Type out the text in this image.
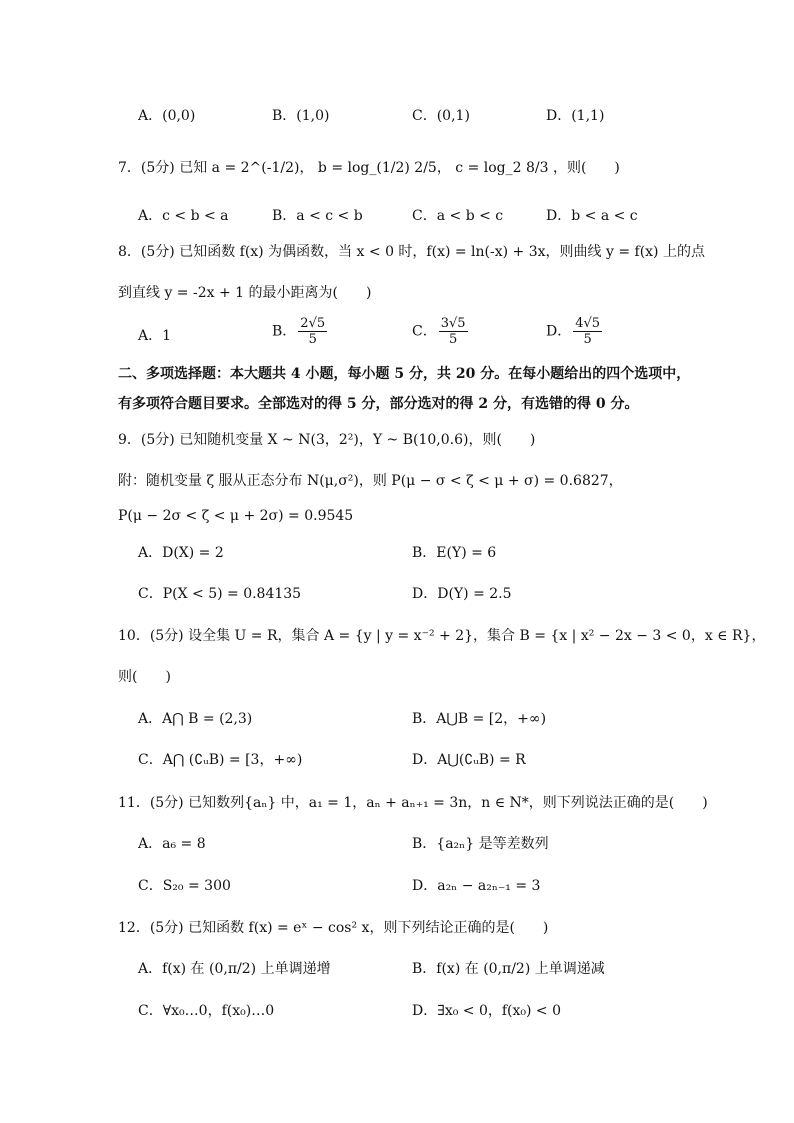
A．(0,0)	B．(1,0)	C．(0,1)	D．(1,1)
7．(5分) 已知 a = 2^(-1/2)， b = log_(1/2) 2/5， c = log_2 8/3 ，则(　　)
A．c < b < a	B．a < c < b	C．a < b < c	D．b < a < c
8．(5分) 已知函数 f(x) 为偶函数，当 x < 0 时，f(x) = ln(-x) + 3x，则曲线 y = f(x) 上的点
到直线 y = -2x + 1 的最小距离为(　　)
A．1	B． $\frac{2√5}{5}$	C． $\frac{3√5}{5}$	D． $\frac{4√5}{5}$
二、多项选择题：本大题共 4 小题，每小题 5 分，共 20 分。在每小题给出的四个选项中，
有多项符合题目要求。全部选对的得 5 分，部分选对的得 2 分，有选错的得 0 分。
9．(5分) 已知随机变量 X ~ N(3，2²)，Y ~ B(10,0.6)，则(　　)
附：随机变量 ζ 服从正态分布 N(μ,σ²)，则 P(μ − σ < ζ < μ + σ) = 0.6827，
P(μ − 2σ < ζ < μ + 2σ) = 0.9545
A．D(X) = 2	B．E(Y) = 6
C．P(X < 5) = 0.84135	D．D(Y) = 2.5
10．(5分) 设全集 U = R，集合 A = {y | y = x⁻² + 2}，集合 B = {x | x² − 2x − 3 < 0，x ∈ R}，
则(　　)
A．A⋂ B = (2,3)	B．A⋃B = [2，+∞)
C．A⋂ (∁ᵤB) = [3，+∞)	D．A⋃(∁ᵤB) = R
11．(5分) 已知数列{aₙ} 中，a₁ = 1，aₙ + aₙ₊₁ = 3n，n ∈ N*，则下列说法正确的是(　　)
A．a₆ = 8	B．{a₂ₙ} 是等差数列
C．S₂₀ = 300	D．a₂ₙ − a₂ₙ₋₁ = 3
12．(5分) 已知函数 f(x) = eˣ − cos² x，则下列结论正确的是(　　)
A．f(x) 在 (0,π/2) 上单调递增	B．f(x) 在 (0,π/2) 上单调递减
C．∀x₀…0，f(x₀)…0	D．∃x₀ < 0，f(x₀) < 0
